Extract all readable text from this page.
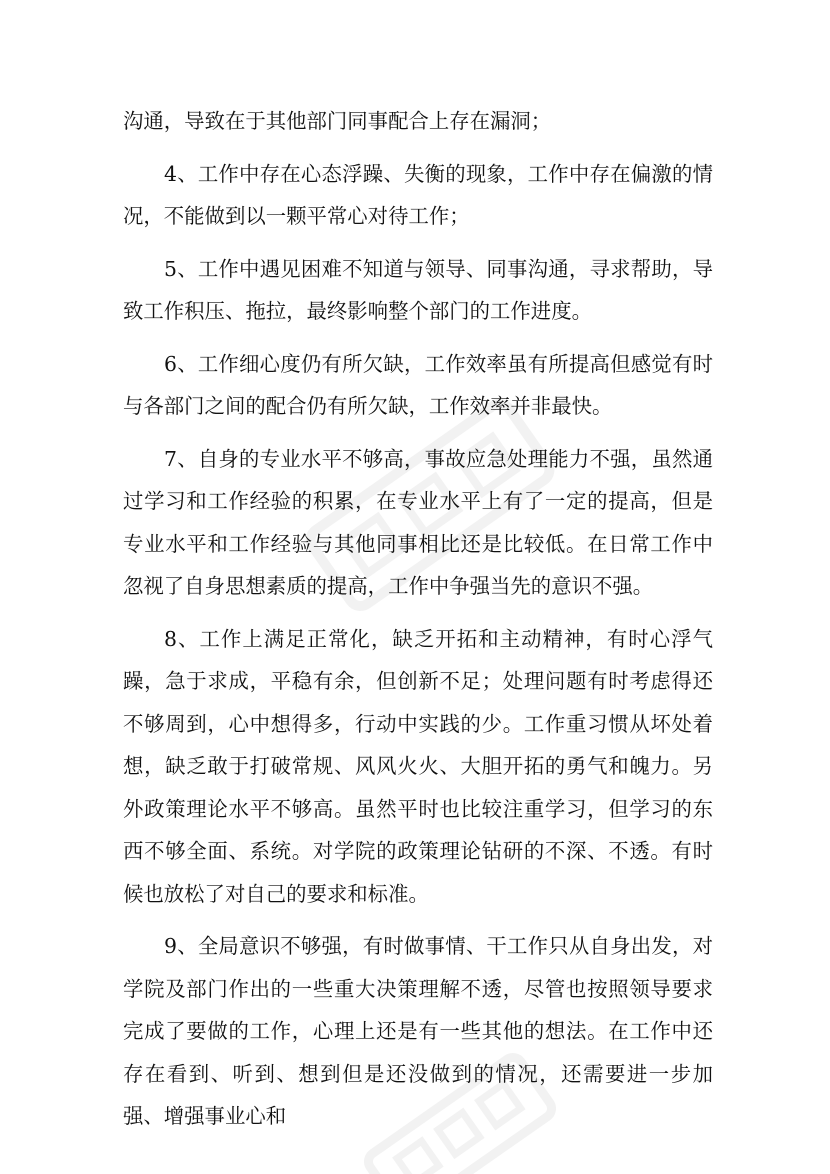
沟通，导致在于其他部门同事配合上存在漏洞；

4、工作中存在心态浮躁、失衡的现象，工作中存在偏激的情况，不能做到以一颗平常心对待工作；

5、工作中遇见困难不知道与领导、同事沟通，寻求帮助，导致工作积压、拖拉，最终影响整个部门的工作进度。

6、工作细心度仍有所欠缺，工作效率虽有所提高但感觉有时与各部门之间的配合仍有所欠缺，工作效率并非最快。

7、自身的专业水平不够高，事故应急处理能力不强，虽然通过学习和工作经验的积累，在专业水平上有了一定的提高，但是专业水平和工作经验与其他同事相比还是比较低。在日常工作中忽视了自身思想素质的提高，工作中争强当先的意识不强。

8、工作上满足正常化，缺乏开拓和主动精神，有时心浮气躁，急于求成，平稳有余，但创新不足；处理问题有时考虑得还不够周到，心中想得多，行动中实践的少。工作重习惯从坏处着想，缺乏敢于打破常规、风风火火、大胆开拓的勇气和魄力。另外政策理论水平不够高。虽然平时也比较注重学习，但学习的东西不够全面、系统。对学院的政策理论钻研的不深、不透。有时候也放松了对自己的要求和标准。

9、全局意识不够强，有时做事情、干工作只从自身出发，对学院及部门作出的一些重大决策理解不透，尽管也按照领导要求完成了要做的工作，心理上还是有一些其他的想法。在工作中还存在看到、听到、想到但是还没做到的情况，还需要进一步加强、增强事业心和
